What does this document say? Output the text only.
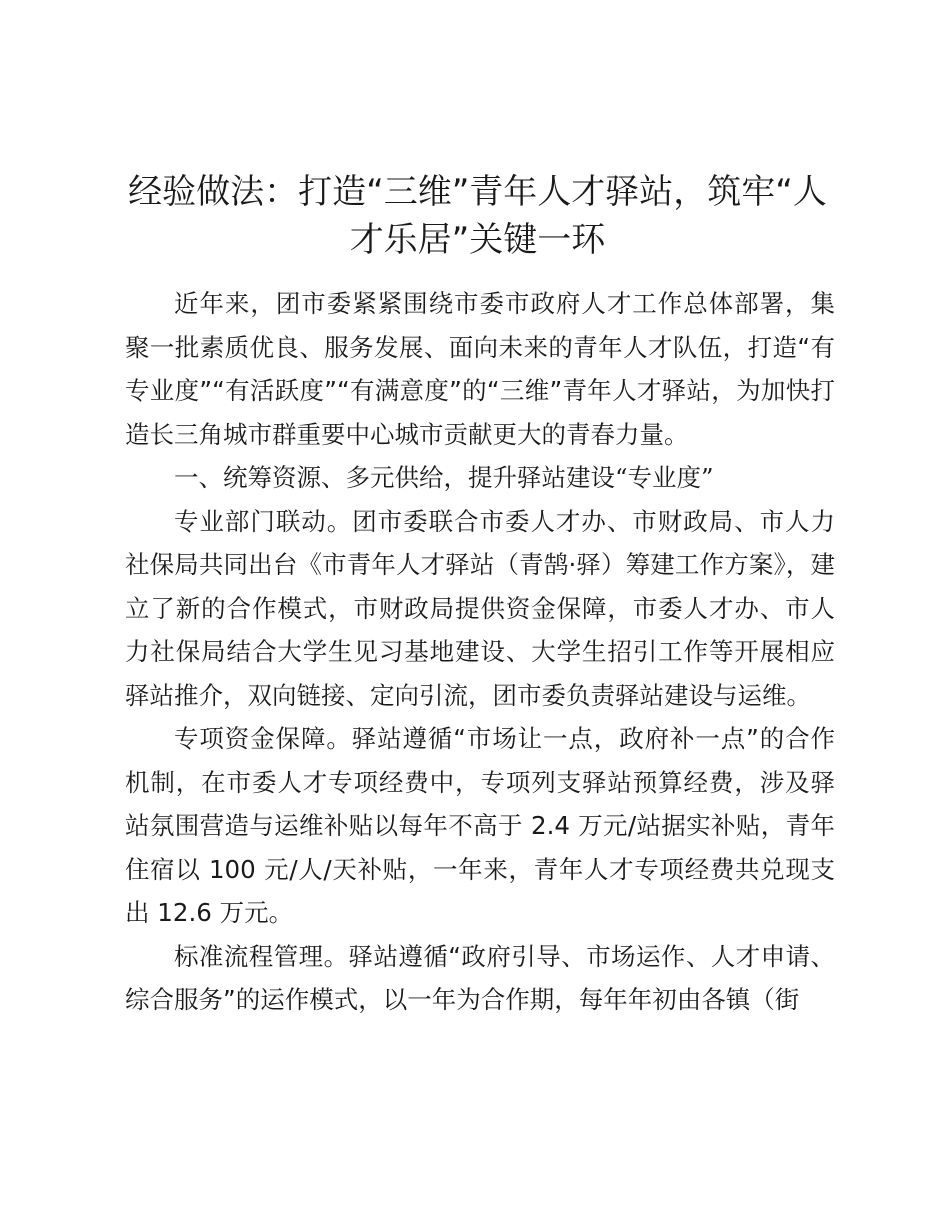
经验做法：打造“三维”青年人才驿站，筑牢“人才乐居”关键一环

近年来，团市委紧紧围绕市委市政府人才工作总体部署，集聚一批素质优良、服务发展、面向未来的青年人才队伍，打造“有专业度”“有活跃度”“有满意度”的“三维”青年人才驿站，为加快打造长三角城市群重要中心城市贡献更大的青春力量。

一、统筹资源、多元供给，提升驿站建设“专业度”

专业部门联动。团市委联合市委人才办、市财政局、市人力社保局共同出台《市青年人才驿站（青鹄·驿）筹建工作方案》，建立了新的合作模式，市财政局提供资金保障，市委人才办、市人力社保局结合大学生见习基地建设、大学生招引工作等开展相应驿站推介，双向链接、定向引流，团市委负责驿站建设与运维。

专项资金保障。驿站遵循“市场让一点，政府补一点”的合作机制，在市委人才专项经费中，专项列支驿站预算经费，涉及驿站氛围营造与运维补贴以每年不高于 2.4 万元/站据实补贴，青年住宿以 100 元/人/天补贴，一年来，青年人才专项经费共兑现支出 12.6 万元。

标准流程管理。驿站遵循“政府引导、市场运作、人才申请、综合服务”的运作模式，以一年为合作期，每年年初由各镇（街
